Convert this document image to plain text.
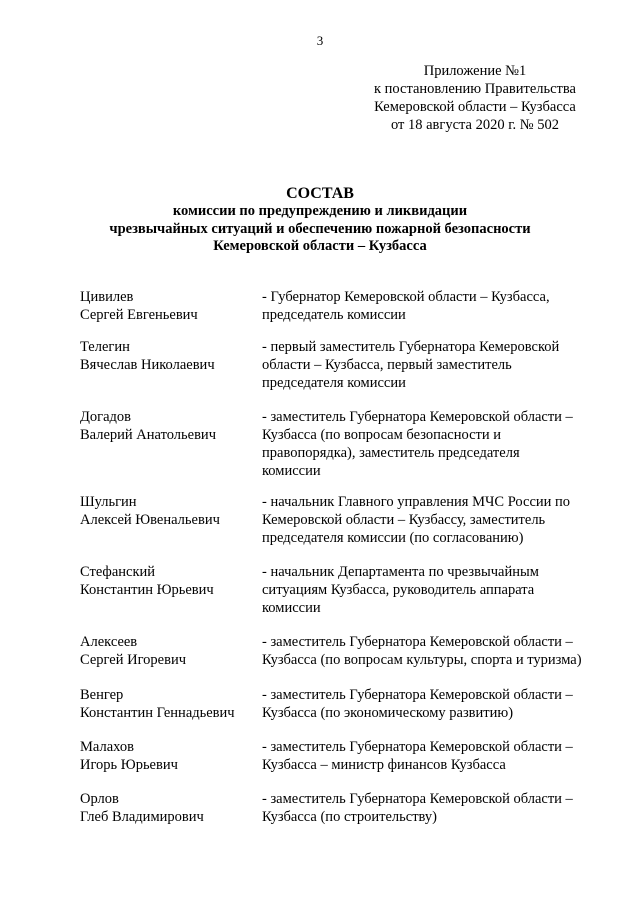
3
Приложение №1
к постановлению Правительства
Кемеровской области – Кузбасса
от 18 августа 2020 г. № 502
СОСТАВ
комиссии по предупреждению и ликвидации
чрезвычайных ситуаций и обеспечению пожарной безопасности
Кемеровской области – Кузбасса
Цивилев
Сергей Евгеньевич
- Губернатор Кемеровской области – Кузбасса,
председатель комиссии
Телегин
Вячеслав Николаевич
- первый заместитель Губернатора Кемеровской
области – Кузбасса, первый заместитель
председателя комиссии
Догадов
Валерий Анатольевич
- заместитель Губернатора Кемеровской области –
Кузбасса (по вопросам безопасности и
правопорядка), заместитель председателя
комиссии
Шульгин
Алексей Ювенальевич
- начальник Главного управления МЧС России по
Кемеровской области – Кузбассу, заместитель
председателя комиссии (по согласованию)
Стефанский
Константин Юрьевич
- начальник Департамента по чрезвычайным
ситуациям Кузбасса, руководитель аппарата
комиссии
Алексеев
Сергей Игоревич
- заместитель Губернатора Кемеровской области –
Кузбасса (по вопросам культуры, спорта и туризма)
Венгер
Константин Геннадьевич
- заместитель Губернатора Кемеровской области –
Кузбасса (по экономическому развитию)
Малахов
Игорь Юрьевич
- заместитель Губернатора Кемеровской области –
Кузбасса – министр финансов Кузбасса
Орлов
Глеб Владимирович
- заместитель Губернатора Кемеровской области –
Кузбасса (по строительству)
